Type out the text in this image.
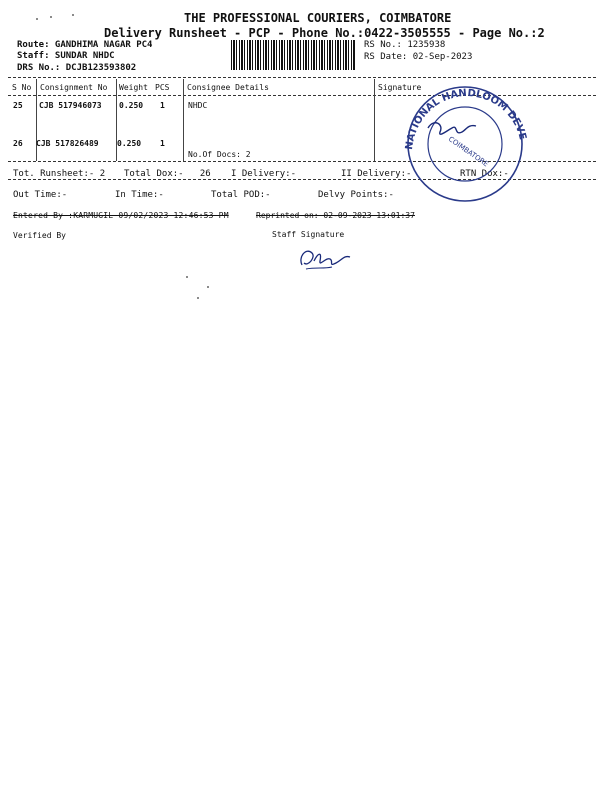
THE PROFESSIONAL COURIERS, COIMBATORE
Delivery Runsheet - PCP - Phone No.:0422-3505555 - Page No.:2
Route: GANDHIMA NAGAR PC4
Staff: SUNDAR NHDC
DRS No.: DCJB123593802
RS No.: 1235938
RS Date: 02-Sep-2023
S No Consignment No Weight PCS Consignee Details	Signature
25 CJB 517946073 0.250 1	NHDC
26 CJB 517826489 0.250 1
No.Of Docs: 2
Tot. Runsheet:- 2 Total Dox:-   26 I Delivery:-	II Delivery:-	RTN Dox:-
Out Time:-	In Time:-	Total POD:-	Delvy Points:-
Entered By :KARMUGIL 09/02/2023 12:46:53 PM	Reprinted on: 02-09-2023 13:01:37
Verified By	Staff Signature
NATIONAL HANDLOOM DEVE
COIMBATORE
